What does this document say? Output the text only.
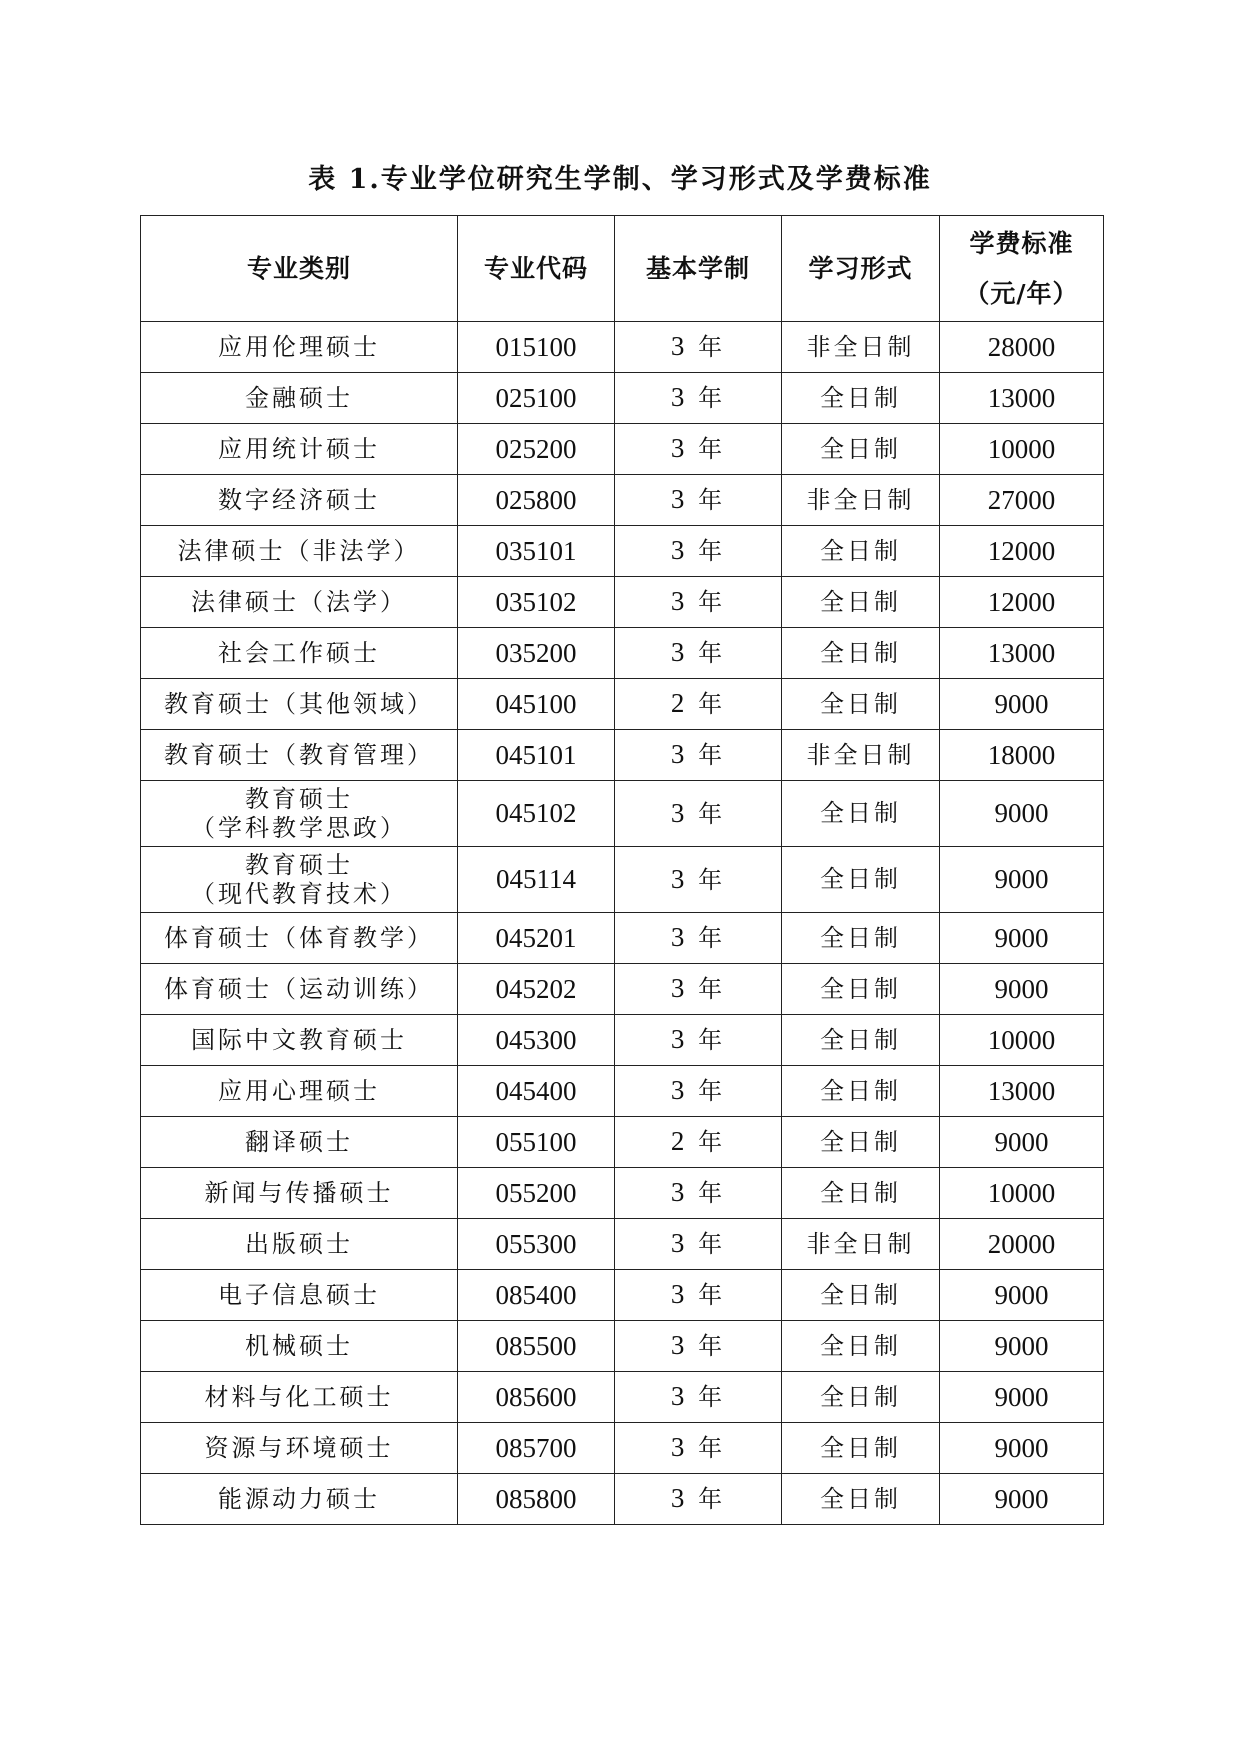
表 1.专业学位研究生学制、学习形式及学费标准
专业类别	专业代码	基本学制	学习形式	学费标准
（元/年）

应用伦理硕士	015100	3 年	非全日制	28000

金融硕士	025100	3 年	全日制	13000

应用统计硕士	025200	3 年	全日制	10000

数字经济硕士	025800	3 年	非全日制	27000

法律硕士（非法学）	035101	3 年	全日制	12000

法律硕士（法学）	035102	3 年	全日制	12000

社会工作硕士	035200	3 年	全日制	13000

教育硕士（其他领域）	045100	2 年	全日制	9000

教育硕士（教育管理）	045101	3 年	非全日制	18000

教育硕士
（学科教学思政）	045102	3 年	全日制	9000

教育硕士
（现代教育技术）	045114	3 年	全日制	9000

体育硕士（体育教学）	045201	3 年	全日制	9000

体育硕士（运动训练）	045202	3 年	全日制	9000

国际中文教育硕士	045300	3 年	全日制	10000

应用心理硕士	045400	3 年	全日制	13000

翻译硕士	055100	2 年	全日制	9000

新闻与传播硕士	055200	3 年	全日制	10000

出版硕士	055300	3 年	非全日制	20000

电子信息硕士	085400	3 年	全日制	9000

机械硕士	085500	3 年	全日制	9000

材料与化工硕士	085600	3 年	全日制	9000

资源与环境硕士	085700	3 年	全日制	9000

能源动力硕士	085800	3 年	全日制	9000
